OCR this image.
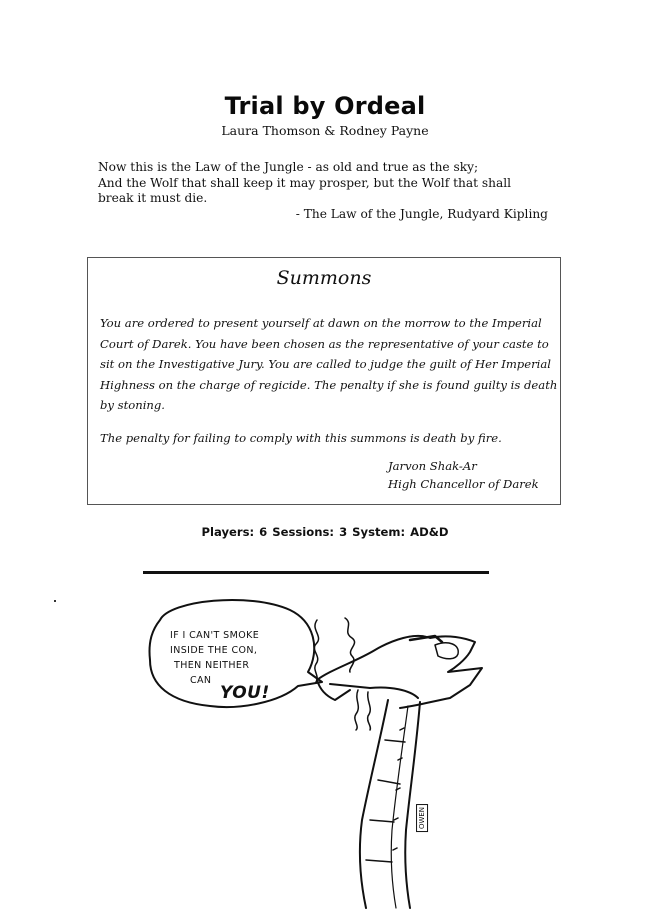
Trial by Ordeal
Laura Thomson & Rodney Payne
Now this is the Law of the Jungle - as old and true as the sky;
And the Wolf that shall keep it may prosper, but the Wolf that shall
break it must die.
- The Law of the Jungle, Rudyard Kipling
Summons
You are ordered to present yourself at dawn on the morrow to the Imperial Court of Darek. You have been chosen as the representative of your caste to sit on the Investigative Jury. You are called to judge the guilt of Her Imperial Highness on the charge of regicide. The penalty if she is found guilty is death by stoning.
The penalty for failing to comply with this summons is death by fire.
Jarvon Shak-Ar
High Chancellor of Darek
Players: 6 Sessions: 3 System: AD&D
IF I CAN'T SMOKE
INSIDE THE CON,
THEN NEITHER
CAN
YOU!
OWEN
